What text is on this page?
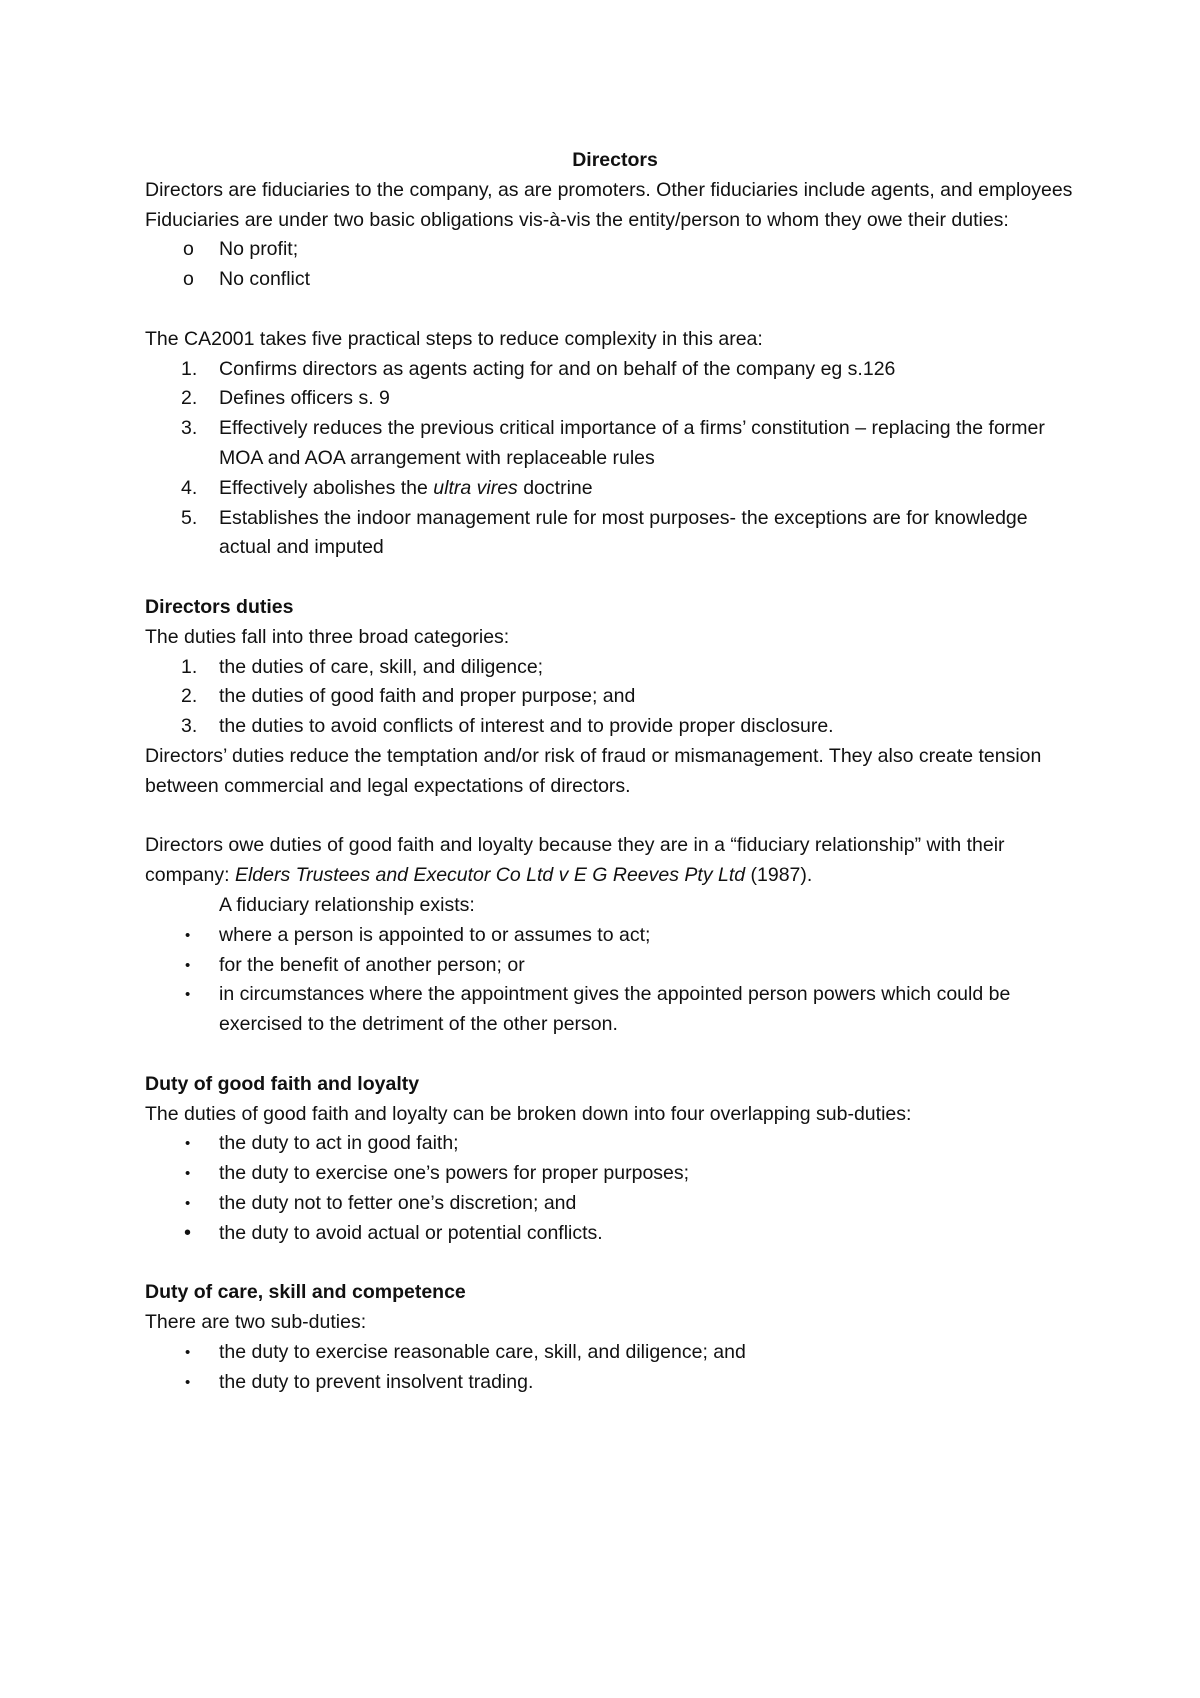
Directors

Directors are fiduciaries to the company, as are promoters. Other fiduciaries include agents, and employees

Fiduciaries are under two basic obligations vis-à-vis the entity/person to whom they owe their duties:

o	No profit;
o	No conflict

The CA2001 takes five practical steps to reduce complexity in this area:

1.	Confirms directors as agents acting for and on behalf of the company eg s.126
2.	Defines officers s. 9
3.	Effectively reduces the previous critical importance of a firms’ constitution – replacing the former MOA and AOA arrangement with replaceable rules
4.	Effectively abolishes the ultra vires doctrine
5.	Establishes the indoor management rule for most purposes- the exceptions are for knowledge actual and imputed

Directors duties

The duties fall into three broad categories:

1.	the duties of care, skill, and diligence;
2.	the duties of good faith and proper purpose; and
3.	the duties to avoid conflicts of interest and to provide proper disclosure.

Directors’ duties reduce the temptation and/or risk of fraud or mismanagement. They also create tension between commercial and legal expectations of directors.

Directors owe duties of good faith and loyalty because they are in a “fiduciary relationship” with their company: Elders Trustees and Executor Co Ltd v E G Reeves Pty Ltd (1987).

A fiduciary relationship exists:

•	where a person is appointed to or assumes to act;
•	for the benefit of another person; or
•	in circumstances where the appointment gives the appointed person powers which could be exercised to the detriment of the other person.

Duty of good faith and loyalty

The duties of good faith and loyalty can be broken down into four overlapping sub-duties:

•	the duty to act in good faith;
•	the duty to exercise one’s powers for proper purposes;
•	the duty not to fetter one’s discretion; and
•	the duty to avoid actual or potential conflicts.

Duty of care, skill and competence

There are two sub-duties:

•	the duty to exercise reasonable care, skill, and diligence; and
•	the duty to prevent insolvent trading.
